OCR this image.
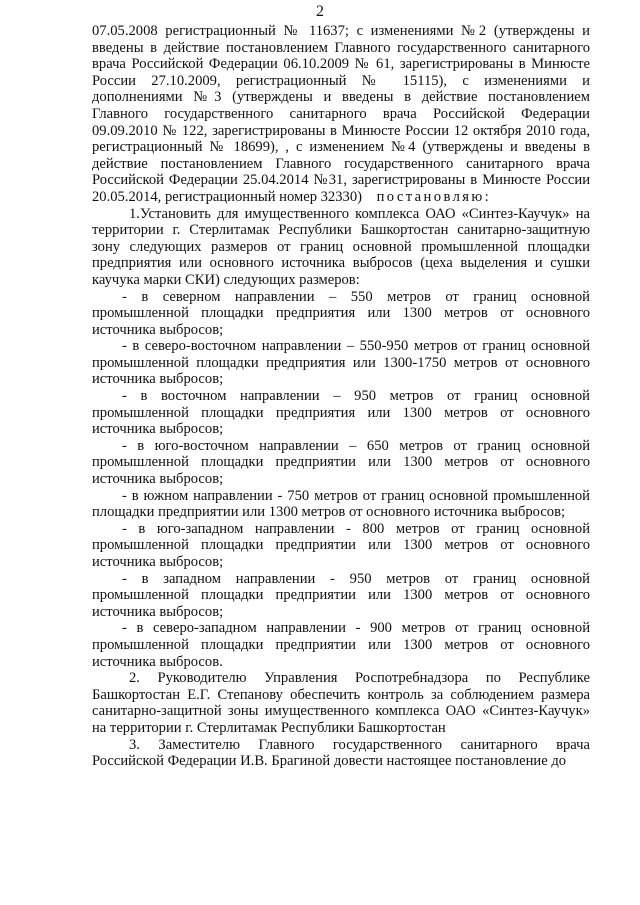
2

07.05.2008 регистрационный № 11637; с изменениями №2 (утверждены и введены в действие постановлением Главного государственного санитарного врача Российской Федерации 06.10.2009 № 61, зарегистрированы в Минюсте России 27.10.2009, регистрационный № 15115), с изменениями и дополнениями №3 (утверждены и введены в действие постановлением Главного государственного санитарного врача Российской Федерации 09.09.2010 № 122, зарегистрированы в Минюсте России 12 октября 2010 года, регистрационный № 18699), , с изменением №4 (утверждены и введены в действие постановлением Главного государственного санитарного врача Российской Федерации 25.04.2014 №31, зарегистрированы в Минюсте России 20.05.2014, регистрационный номер 32330) постановляю:

1.Установить для имущественного комплекса ОАО «Синтез-Каучук» на территории г. Стерлитамак Республики Башкортостан санитарно-защитную зону следующих размеров от границ основной промышленной площадки предприятия или основного источника выбросов (цеха выделения и сушки каучука марки СКИ) следующих размеров:

- в северном направлении – 550 метров от границ основной промышленной площадки предприятия или 1300 метров от основного источника выбросов;

- в северо-восточном направлении – 550-950 метров от границ основной промышленной площадки предприятия или 1300-1750 метров от основного источника выбросов;

- в восточном направлении – 950 метров от границ основной промышленной площадки предприятия или 1300 метров от основного источника выбросов;

- в юго-восточном направлении – 650 метров от границ основной промышленной площадки предприятии или 1300 метров от основного источника выбросов;

- в южном направлении - 750 метров от границ основной промышленной площадки предприятии или 1300 метров от основного источника выбросов;

- в юго-западном направлении - 800 метров от границ основной промышленной площадки предприятии или 1300 метров от основного источника выбросов;

- в западном направлении - 950 метров от границ основной промышленной площадки предприятии или 1300 метров от основного источника выбросов;

- в северо-западном направлении - 900 метров от границ основной промышленной площадки предприятии или 1300 метров от основного источника выбросов.

2. Руководителю Управления Роспотребнадзора по Республике Башкортостан Е.Г. Степанову обеспечить контроль за соблюдением размера санитарно-защитной зоны имущественного комплекса ОАО «Синтез-Каучук» на территории г. Стерлитамак Республики Башкортостан

3. Заместителю Главного государственного санитарного врача Российской Федерации И.В. Брагиной довести настоящее постановление до
